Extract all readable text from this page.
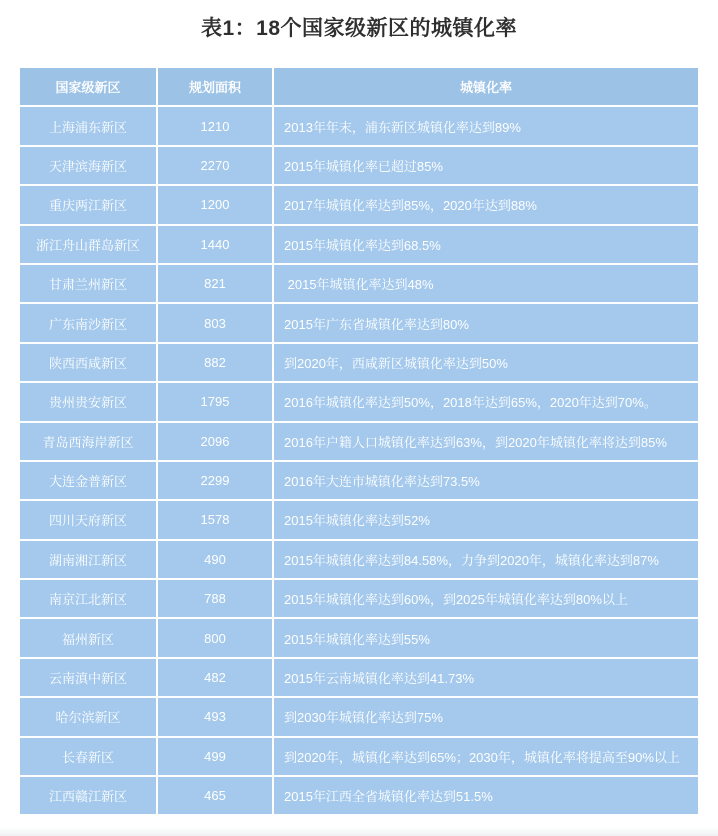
表1：18个国家级新区的城镇化率
国家级新区	规划面积	城镇化率
上海浦东新区	1210	2013年年末，浦东新区城镇化率达到89%
天津滨海新区	2270	2015年城镇化率已超过85%
重庆两江新区	1200	2017年城镇化率达到85%，2020年达到88%
浙江舟山群岛新区	1440	2015年城镇化率达到68.5%
甘肃兰州新区	821	2015年城镇化率达到48%
广东南沙新区	803	2015年广东省城镇化率达到80%
陕西西咸新区	882	到2020年，西咸新区城镇化率达到50%
贵州贵安新区	1795	2016年城镇化率达到50%，2018年达到65%，2020年达到70%。
青岛西海岸新区	2096	2016年户籍人口城镇化率达到63%，到2020年城镇化率将达到85%
大连金普新区	2299	2016年大连市城镇化率达到73.5%
四川天府新区	1578	2015年城镇化率达到52%
湖南湘江新区	490	2015年城镇化率达到84.58%，力争到2020年，城镇化率达到87%
南京江北新区	788	2015年城镇化率达到60%，到2025年城镇化率达到80%以上
福州新区	800	2015年城镇化率达到55%
云南滇中新区	482	2015年云南城镇化率达到41.73%
哈尔滨新区	493	到2030年城镇化率达到75%
长春新区	499	到2020年，城镇化率达到65%；2030年，城镇化率将提高至90%以上
江西赣江新区	465	2015年江西全省城镇化率达到51.5%
